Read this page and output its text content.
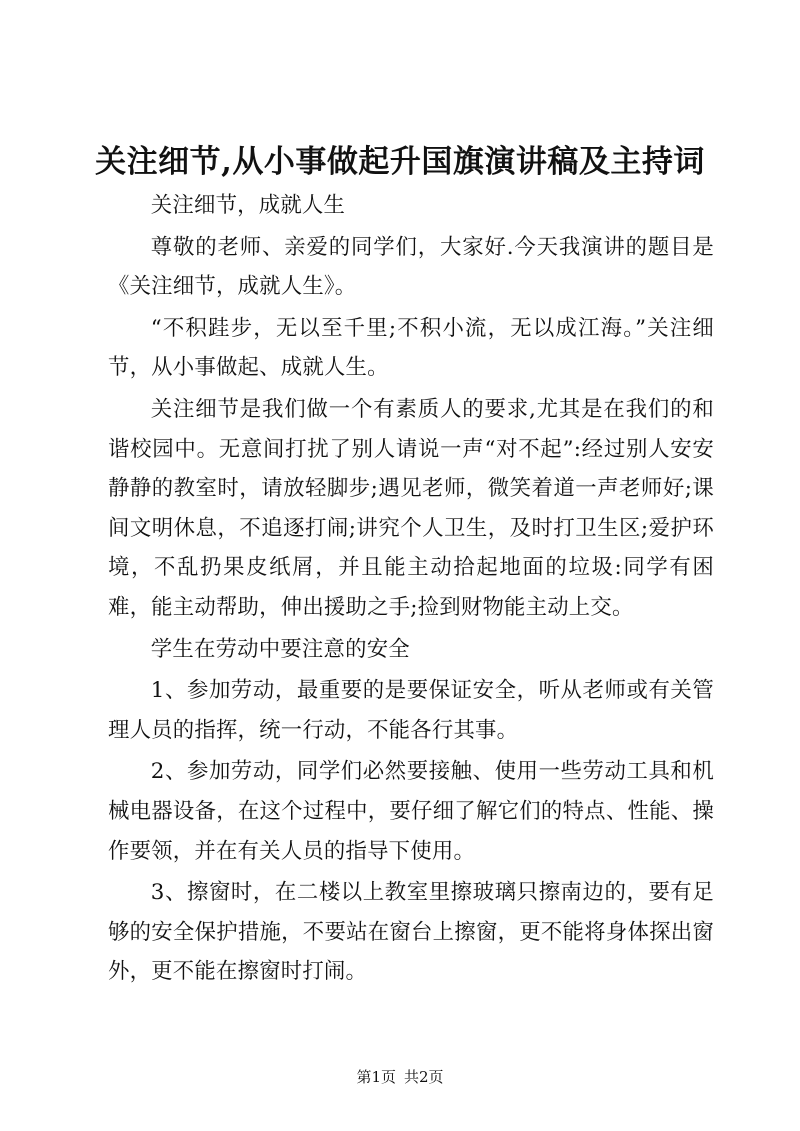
关注细节,从小事做起升国旗演讲稿及主持词

关注细节，成就人生

尊敬的老师、亲爱的同学们，大家好.今天我演讲的题目是《关注细节，成就人生》。

“不积跬步，无以至千里;不积小流，无以成江海。”关注细节，从小事做起、成就人生。

关注细节是我们做一个有素质人的要求,尤其是在我们的和谐校园中。无意间打扰了别人请说一声“对不起”:经过别人安安静静的教室时，请放轻脚步;遇见老师，微笑着道一声老师好;课间文明休息，不追逐打闹;讲究个人卫生，及时打卫生区;爱护环境，不乱扔果皮纸屑，并且能主动拾起地面的垃圾:同学有困难，能主动帮助，伸出援助之手;捡到财物能主动上交。

学生在劳动中要注意的安全

1、参加劳动，最重要的是要保证安全，听从老师或有关管理人员的指挥，统一行动，不能各行其事。

2、参加劳动，同学们必然要接触、使用一些劳动工具和机械电器设备，在这个过程中，要仔细了解它们的特点、性能、操作要领，并在有关人员的指导下使用。

3、擦窗时，在二楼以上教室里擦玻璃只擦南边的，要有足够的安全保护措施，不要站在窗台上擦窗，更不能将身体探出窗外，更不能在擦窗时打闹。

第1页 共2页
